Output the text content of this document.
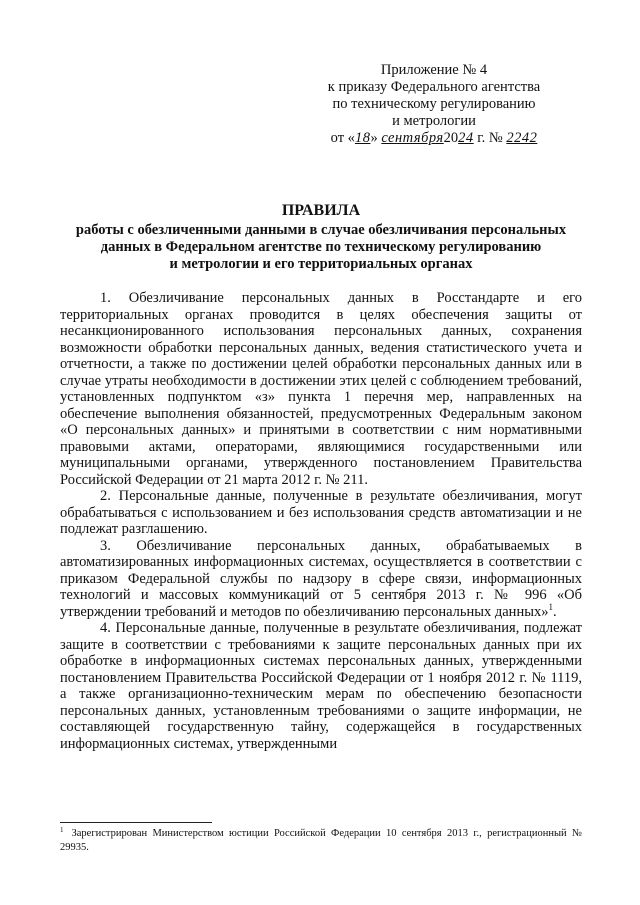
Приложение № 4
к приказу Федерального агентства
по техническому регулированию
и метрологии
от «18» сентября2024 г. № 2242
ПРАВИЛА
работы с обезличенными данными в случае обезличивания персональных
данных в Федеральном агентстве по техническому регулированию
и метрологии и его территориальных органах

1. Обезличивание персональных данных в Росстандарте и его территориальных органах проводится в целях обеспечения защиты от несанкционированного использования персональных данных, сохранения возможности обработки персональных данных, ведения статистического учета и отчетности, а также по достижении целей обработки персональных данных или в случае утраты необходимости в достижении этих целей с соблюдением требований, установленных подпунктом «з» пункта 1 перечня мер, направленных на обеспечение выполнения обязанностей, предусмотренных Федеральным законом «О персональных данных» и принятыми в соответствии с ним нормативными правовыми актами, операторами, являющимися государственными или муниципальными органами, утвержденного постановлением Правительства Российской Федерации от 21 марта 2012 г. № 211.

2. Персональные данные, полученные в результате обезличивания, могут обрабатываться с использованием и без использования средств автоматизации и не подлежат разглашению.

3. Обезличивание персональных данных, обрабатываемых в автоматизированных информационных системах, осуществляется в соответствии с приказом Федеральной службы по надзору в сфере связи, информационных технологий и массовых коммуникаций от 5 сентября 2013 г. № 996 «Об утверждении требований и методов по обезличиванию персональных данных»$^1$.

4. Персональные данные, полученные в результате обезличивания, подлежат защите в соответствии с требованиями к защите персональных данных при их обработке в информационных системах персональных данных, утвержденными постановлением Правительства Российской Федерации от 1 ноября 2012 г. № 1119, а также организационно-техническим мерам по обеспечению безопасности персональных данных, установленным требованиями о защите информации, не составляющей государственную тайну, содержащейся в государственных информационных системах, утвержденными

$^1$ Зарегистрирован Министерством юстиции Российской Федерации 10 сентября 2013 г., регистрационный № 29935.
